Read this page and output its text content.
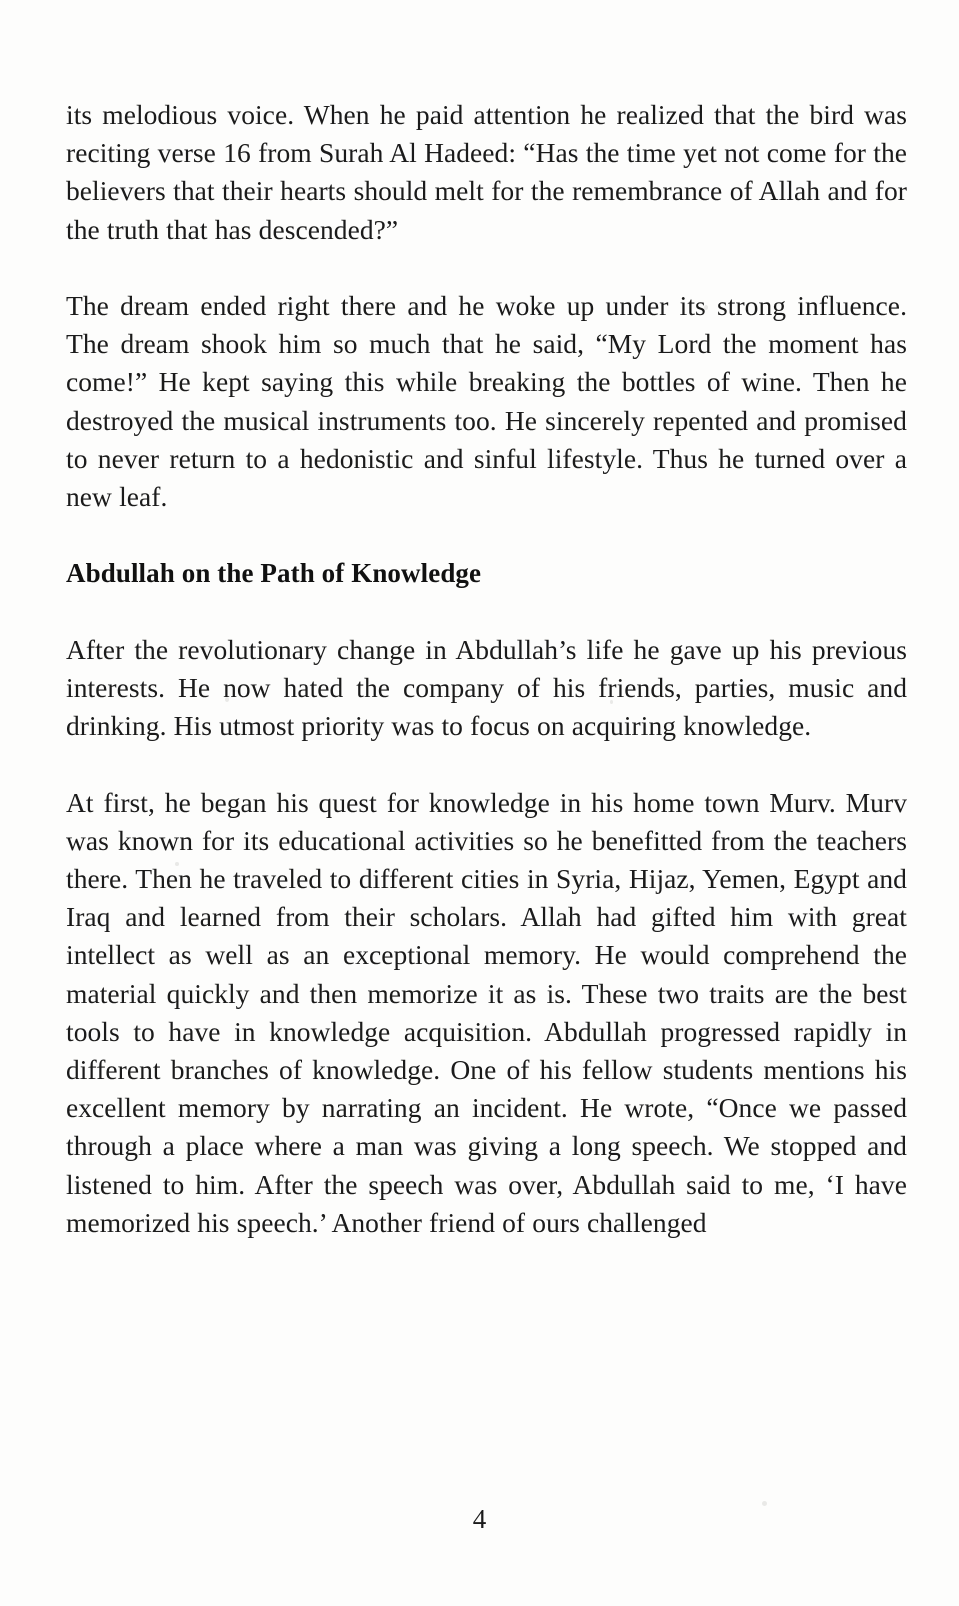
its melodious voice. When he paid attention he realized that the bird was reciting verse 16 from Surah Al Hadeed: “Has the time yet not come for the believers that their hearts should melt for the remembrance of Allah and for the truth that has descended?”

The dream ended right there and he woke up under its strong influence. The dream shook him so much that he said, “My Lord the moment has come!” He kept saying this while breaking the bottles of wine. Then he destroyed the musical instruments too. He sincerely repented and promised to never return to a hedonistic and sinful lifestyle. Thus he turned over a new leaf.

Abdullah on the Path of Knowledge

After the revolutionary change in Abdullah’s life he gave up his previous interests. He now hated the company of his friends, parties, music and drinking. His utmost priority was to focus on acquiring knowledge.

At first, he began his quest for knowledge in his home town Murv. Murv was known for its educational activities so he benefitted from the teachers there. Then he traveled to different cities in Syria, Hijaz, Yemen, Egypt and Iraq and learned from their scholars. Allah had gifted him with great intellect as well as an exceptional memory. He would comprehend the material quickly and then memorize it as is. These two traits are the best tools to have in knowledge acquisition. Abdullah progressed rapidly in different branches of knowledge. One of his fellow students mentions his excellent memory by narrating an incident. He wrote, “Once we passed through a place where a man was giving a long speech. We stopped and listened to him. After the speech was over, Abdullah said to me, ‘I have memorized his speech.’ Another friend of ours challenged

4
